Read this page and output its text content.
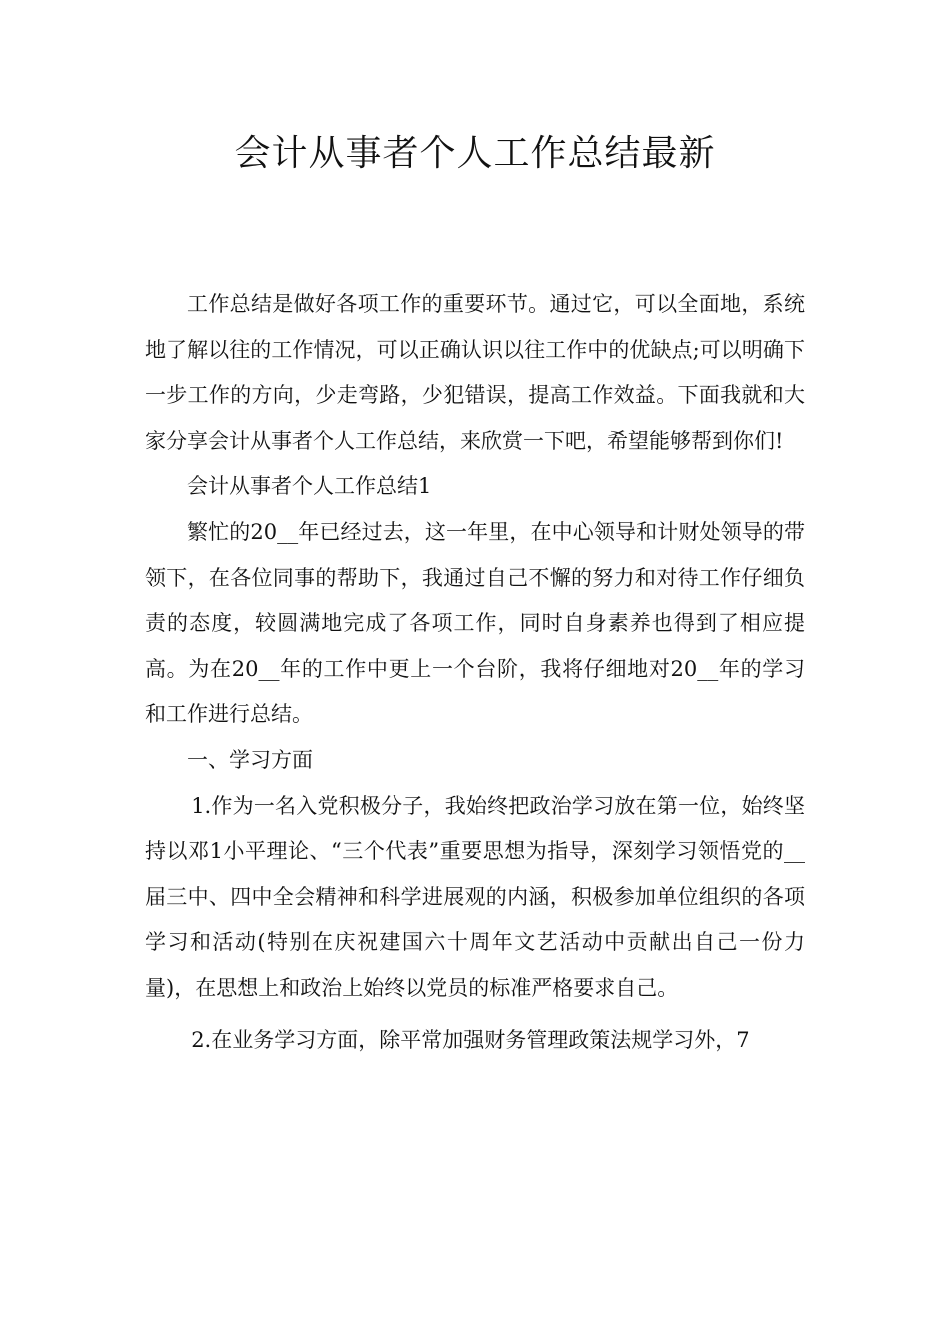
会计从事者个人工作总结最新

工作总结是做好各项工作的重要环节。通过它，可以全面地，系统地了解以往的工作情况，可以正确认识以往工作中的优缺点;可以明确下一步工作的方向，少走弯路，少犯错误，提高工作效益。下面我就和大家分享会计从事者个人工作总结，来欣赏一下吧，希望能够帮到你们!

会计从事者个人工作总结1

繁忙的20__年已经过去，这一年里，在中心领导和计财处领导的带领下，在各位同事的帮助下，我通过自己不懈的努力和对待工作仔细负责的态度，较圆满地完成了各项工作，同时自身素养也得到了相应提高。为在20__年的工作中更上一个台阶，我将仔细地对20__年的学习和工作进行总结。

一、学习方面

1.作为一名入党积极分子，我始终把政治学习放在第一位，始终坚持以邓1小平理论、“三个代表”重要思想为指导，深刻学习领悟党的__届三中、四中全会精神和科学进展观的内涵，积极参加单位组织的各项学习和活动(特别在庆祝建国六十周年文艺活动中贡献出自己一份力量)，在思想上和政治上始终以党员的标准严格要求自己。

2.在业务学习方面，除平常加强财务管理政策法规学习外，7
